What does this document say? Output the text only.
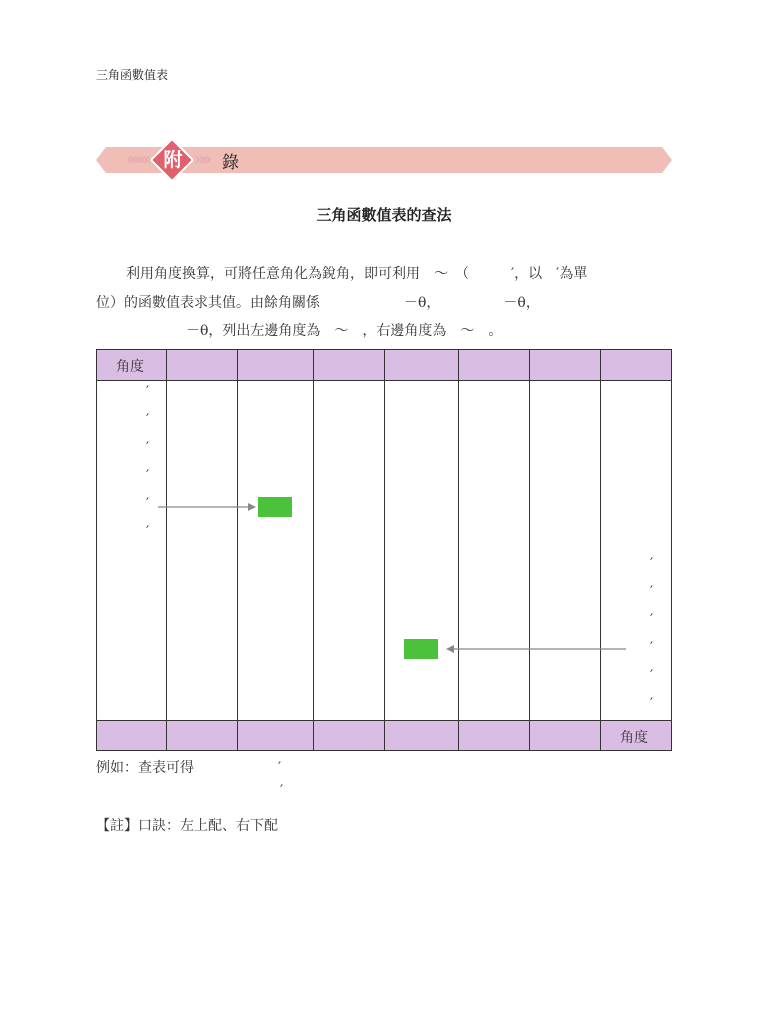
三角函數值表
««« 附 »» 錄
三角函數值表的查法
利用角度換算，可將任意角化為銳角，即可利用　～　（　　　′，以　′為單
位）的函數值表求其值。由餘角關係　　　　　　－θ，　　　　　－θ，
－θ，列出左邊角度為　～　，右邊角度為　～　。
角度
角度
′
′
′
′
′
′
′
′
′
′
′
′
例如：查表可得　　　　　　′
′
【註】口訣：左上配、右下配
